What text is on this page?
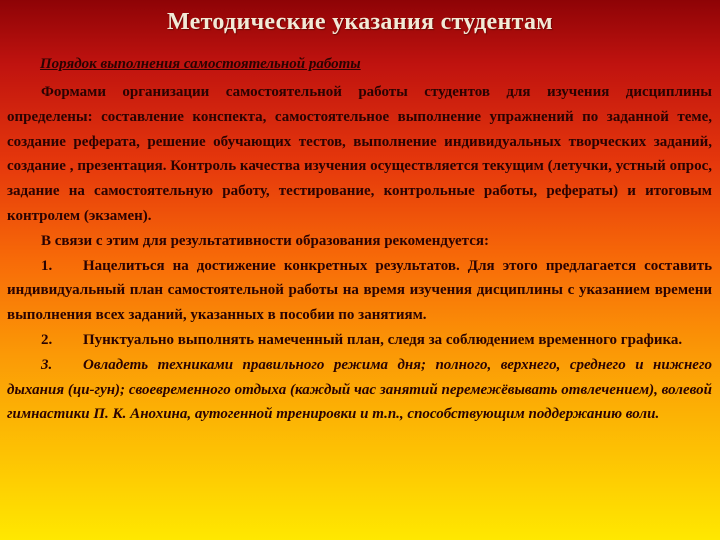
Методические указания студентам
Порядок выполнения самостоятельной работы

Формами организации самостоятельной работы студентов для изучения дисциплины определены: составление конспекта, самостоятельное выполнение упражнений по заданной теме, создание реферата, решение обучающих тестов, выполнение индивидуальных творческих заданий, создание , презентация. Контроль качества изучения осуществляется текущим (летучки, устный опрос, задание на самостоятельную работу, тестирование, контрольные работы, рефераты) и итоговым контролем (экзамен).

В связи с этим для результативности образования рекомендуется:

1. Нацелиться на достижение конкретных результатов. Для этого предлагается составить индивидуальный план самостоятельной работы на время изучения дисциплины с указанием времени выполнения всех заданий, указанных в пособии по занятиям.

2. Пунктуально выполнять намеченный план, следя за соблюдением временного графика.

3. Овладеть техниками правильного режима дня; полного, верхнего, среднего и нижнего дыхания (ци-гун); своевременного отдыха (каждый час занятий перемежёвывать отвлечением), волевой гимнастики П. К. Анохина, аутогенной тренировки и т.п., способствующим поддержанию воли.
